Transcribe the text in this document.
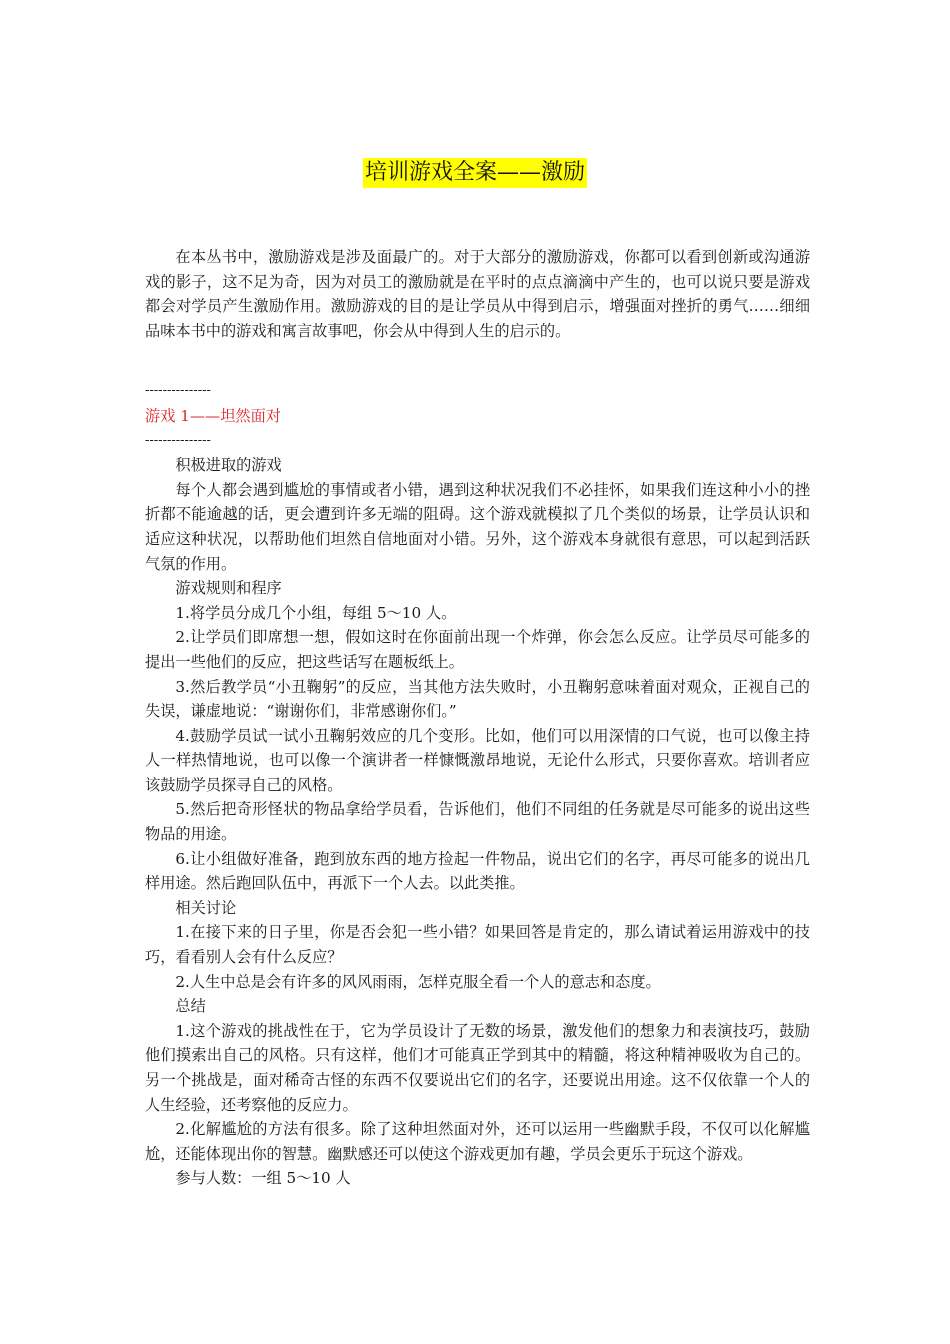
培训游戏全案——激励

在本丛书中，激励游戏是涉及面最广的。对于大部分的激励游戏，你都可以看到创新或沟通游戏的影子，这不足为奇，因为对员工的激励就是在平时的点点滴滴中产生的，也可以说只要是游戏都会对学员产生激励作用。激励游戏的目的是让学员从中得到启示，增强面对挫折的勇气……细细品味本书中的游戏和寓言故事吧，你会从中得到人生的启示的。

---------------

游戏 1——坦然面对

---------------

积极进取的游戏

每个人都会遇到尴尬的事情或者小错，遇到这种状况我们不必挂怀，如果我们连这种小小的挫折都不能逾越的话，更会遭到许多无端的阻碍。这个游戏就模拟了几个类似的场景，让学员认识和适应这种状况，以帮助他们坦然自信地面对小错。另外，这个游戏本身就很有意思，可以起到活跃气氛的作用。

游戏规则和程序

1.将学员分成几个小组，每组 5～10 人。

2.让学员们即席想一想，假如这时在你面前出现一个炸弹，你会怎么反应。让学员尽可能多的提出一些他们的反应，把这些话写在题板纸上。

3.然后教学员“小丑鞠躬”的反应，当其他方法失败时，小丑鞠躬意味着面对观众，正视自己的失误，谦虚地说：“谢谢你们，非常感谢你们。”

4.鼓励学员试一试小丑鞠躬效应的几个变形。比如，他们可以用深情的口气说，也可以像主持人一样热情地说，也可以像一个演讲者一样慷慨激昂地说，无论什么形式，只要你喜欢。培训者应该鼓励学员探寻自己的风格。

5.然后把奇形怪状的物品拿给学员看，告诉他们，他们不同组的任务就是尽可能多的说出这些物品的用途。

6.让小组做好准备，跑到放东西的地方捡起一件物品，说出它们的名字，再尽可能多的说出几样用途。然后跑回队伍中，再派下一个人去。以此类推。

相关讨论

1.在接下来的日子里，你是否会犯一些小错？如果回答是肯定的，那么请试着运用游戏中的技巧，看看别人会有什么反应？

2.人生中总是会有许多的风风雨雨，怎样克服全看一个人的意志和态度。

总结

1.这个游戏的挑战性在于，它为学员设计了无数的场景，激发他们的想象力和表演技巧，鼓励他们摸索出自己的风格。只有这样，他们才可能真正学到其中的精髓，将这种精神吸收为自己的。另一个挑战是，面对稀奇古怪的东西不仅要说出它们的名字，还要说出用途。这不仅依靠一个人的人生经验，还考察他的反应力。

2.化解尴尬的方法有很多。除了这种坦然面对外，还可以运用一些幽默手段，不仅可以化解尴尬，还能体现出你的智慧。幽默感还可以使这个游戏更加有趣，学员会更乐于玩这个游戏。

参与人数：一组 5～10 人
